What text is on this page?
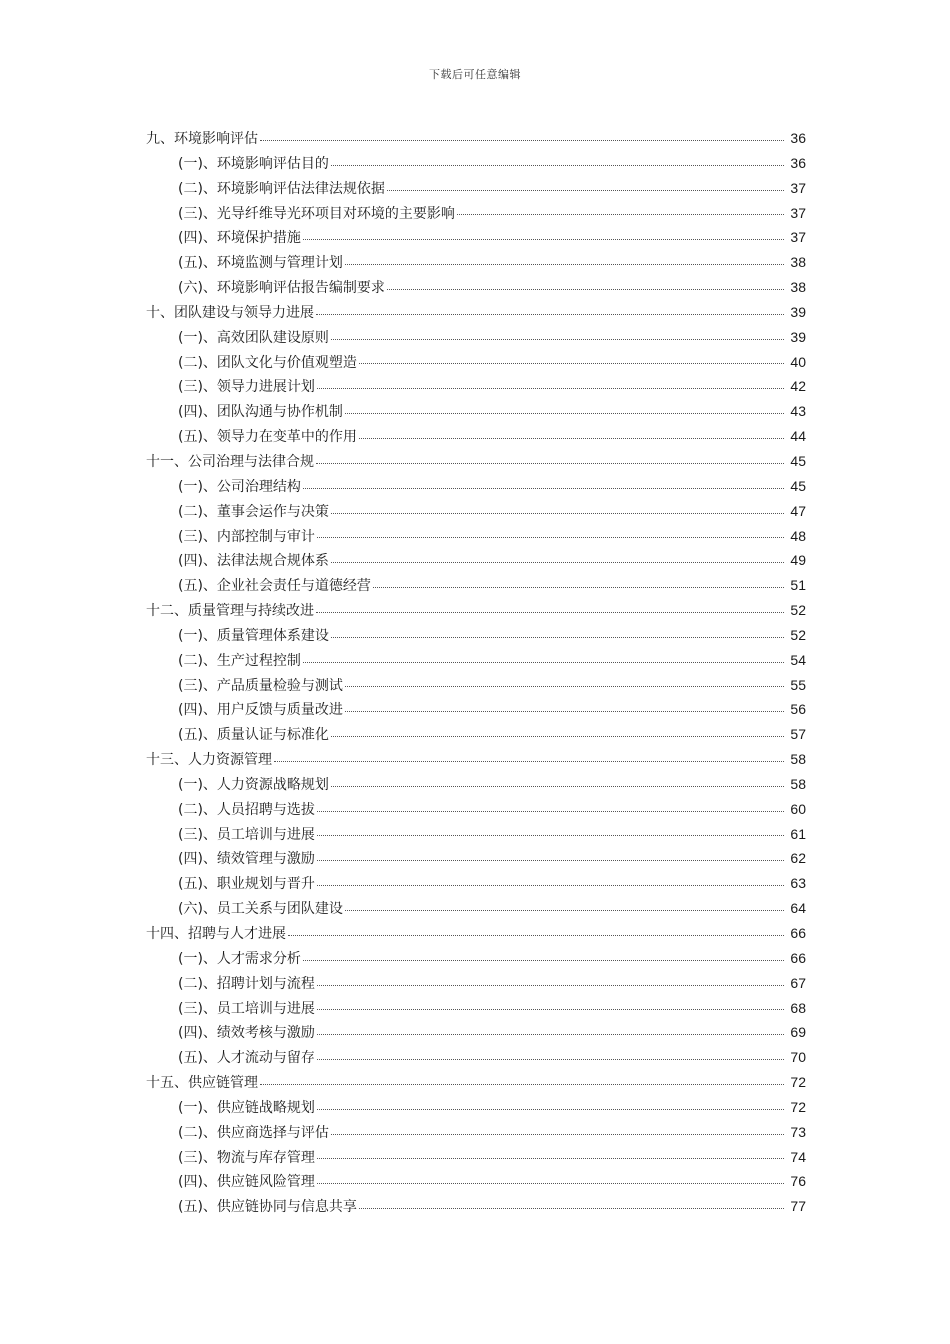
下载后可任意编辑
九、环境影响评估	36
(一)、环境影响评估目的	36
(二)、环境影响评估法律法规依据	37
(三)、光导纤维导光环项目对环境的主要影响	37
(四)、环境保护措施	37
(五)、环境监测与管理计划	38
(六)、环境影响评估报告编制要求	38
十、团队建设与领导力进展	39
(一)、高效团队建设原则	39
(二)、团队文化与价值观塑造	40
(三)、领导力进展计划	42
(四)、团队沟通与协作机制	43
(五)、领导力在变革中的作用	44
十一、公司治理与法律合规	45
(一)、公司治理结构	45
(二)、董事会运作与决策	47
(三)、内部控制与审计	48
(四)、法律法规合规体系	49
(五)、企业社会责任与道德经营	51
十二、质量管理与持续改进	52
(一)、质量管理体系建设	52
(二)、生产过程控制	54
(三)、产品质量检验与测试	55
(四)、用户反馈与质量改进	56
(五)、质量认证与标准化	57
十三、人力资源管理	58
(一)、人力资源战略规划	58
(二)、人员招聘与选拔	60
(三)、员工培训与进展	61
(四)、绩效管理与激励	62
(五)、职业规划与晋升	63
(六)、员工关系与团队建设	64
十四、招聘与人才进展	66
(一)、人才需求分析	66
(二)、招聘计划与流程	67
(三)、员工培训与进展	68
(四)、绩效考核与激励	69
(五)、人才流动与留存	70
十五、供应链管理	72
(一)、供应链战略规划	72
(二)、供应商选择与评估	73
(三)、物流与库存管理	74
(四)、供应链风险管理	76
(五)、供应链协同与信息共享	77
